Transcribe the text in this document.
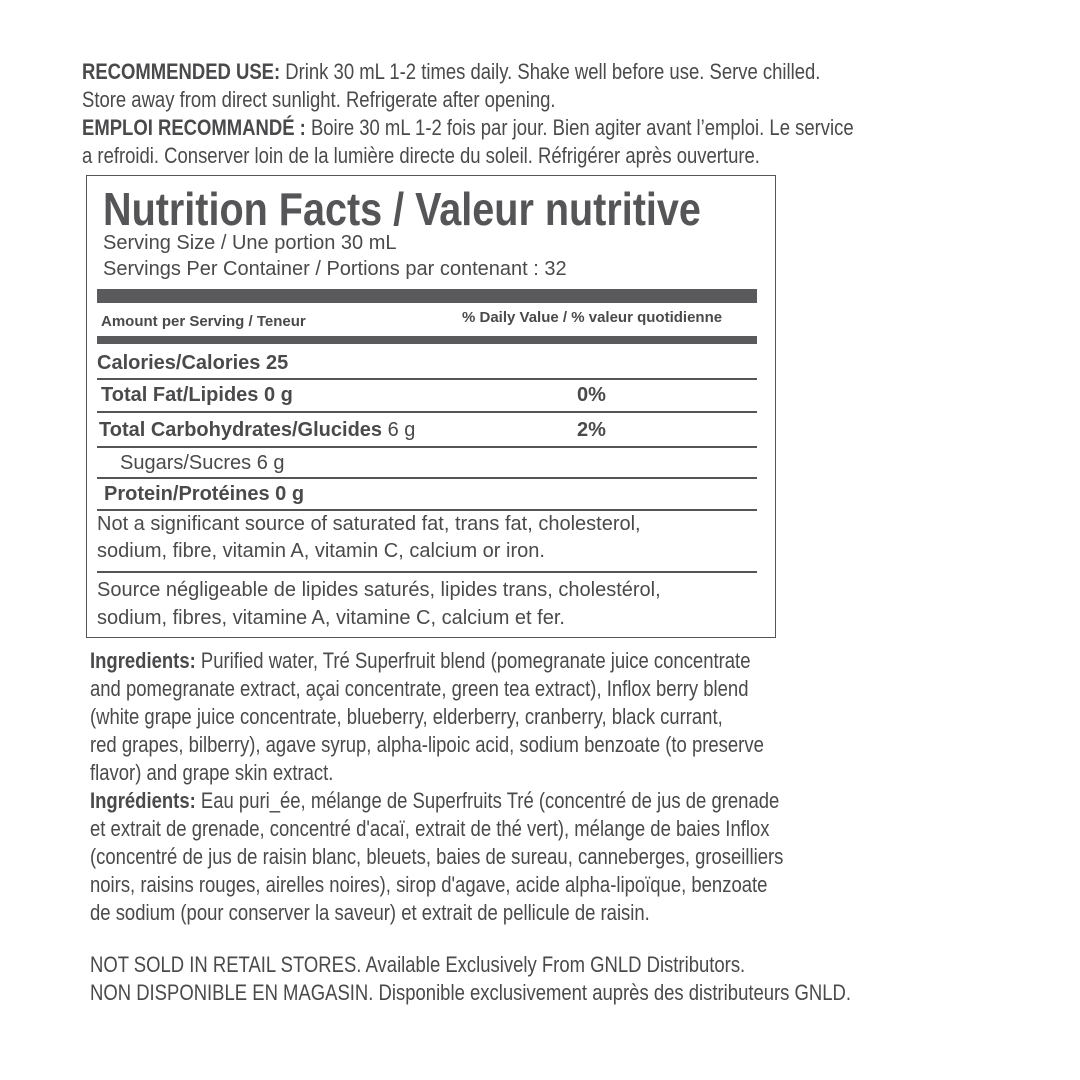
RECOMMENDED USE: Drink 30 mL 1-2 times daily. Shake well before use. Serve chilled.
Store away from direct sunlight. Refrigerate after opening.
EMPLOI RECOMMANDÉ : Boire 30 mL 1-2 fois par jour. Bien agiter avant l’emploi. Le service
a refroidi. Conserver loin de la lumière directe du soleil. Réfrigérer après ouverture.
Nutrition Facts / Valeur nutritive
Serving Size / Une portion 30 mL
Servings Per Container / Portions par contenant : 32
Amount per Serving / Teneur	% Daily Value / % valeur quotidienne
Calories/Calories 25
Total Fat/Lipides 0 g	0%
Total Carbohydrates/Glucides 6 g	2%
Sugars/Sucres 6 g
Protein/Protéines 0 g
Not a significant source of saturated fat, trans fat, cholesterol,
sodium, fibre, vitamin A, vitamin C, calcium or iron.
Source négligeable de lipides saturés, lipides trans, cholestérol,
sodium, fibres, vitamine A, vitamine C, calcium et fer.
Ingredients: Purified water, Tré Superfruit blend (pomegranate juice concentrate
and pomegranate extract, açai concentrate, green tea extract), Inflox berry blend
(white grape juice concentrate, blueberry, elderberry, cranberry, black currant,
red grapes, bilberry), agave syrup, alpha-lipoic acid, sodium benzoate (to preserve
flavor) and grape skin extract.
Ingrédients: Eau puri_ée, mélange de Superfruits Tré (concentré de jus de grenade
et extrait de grenade, concentré d'acaï, extrait de thé vert), mélange de baies Inflox
(concentré de jus de raisin blanc, bleuets, baies de sureau, canneberges, groseilliers
noirs, raisins rouges, airelles noires), sirop d'agave, acide alpha-lipoïque, benzoate
de sodium (pour conserver la saveur) et extrait de pellicule de raisin.
NOT SOLD IN RETAIL STORES. Available Exclusively From GNLD Distributors.
NON DISPONIBLE EN MAGASIN. Disponible exclusivement auprès des distributeurs GNLD.
